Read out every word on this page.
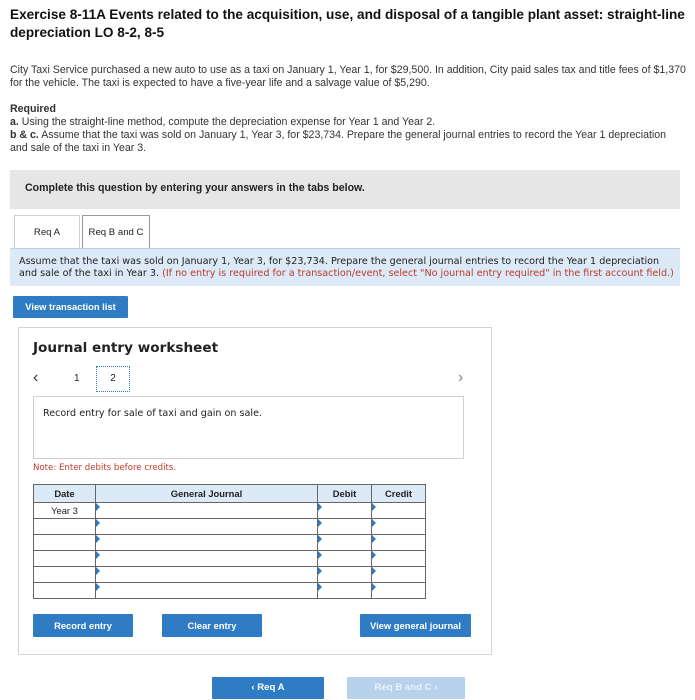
Exercise 8-11A Events related to the acquisition, use, and disposal of a tangible plant asset: straight-line depreciation LO 8-2, 8-5
City Taxi Service purchased a new auto to use as a taxi on January 1, Year 1, for $29,500. In addition, City paid sales tax and title fees of $1,370 for the vehicle. The taxi is expected to have a five-year life and a salvage value of $5,290.
Required
a. Using the straight-line method, compute the depreciation expense for Year 1 and Year 2.
b & c. Assume that the taxi was sold on January 1, Year 3, for $23,734. Prepare the general journal entries to record the Year 1 depreciation and sale of the taxi in Year 3.
Complete this question by entering your answers in the tabs below.
Req A	Req B and C
Assume that the taxi was sold on January 1, Year 3, for $23,734. Prepare the general journal entries to record the Year 1 depreciation and sale of the taxi in Year 3. (If no entry is required for a transaction/event, select "No journal entry required" in the first account field.)
View transaction list
Journal entry worksheet
‹	1	2	›
Record entry for sale of taxi and gain on sale.
Note: Enter debits before credits.
Date	General Journal	Debit	Credit
Year 3			

Record entry	Clear entry	View general journal
‹ Req A	Req B and C ›
